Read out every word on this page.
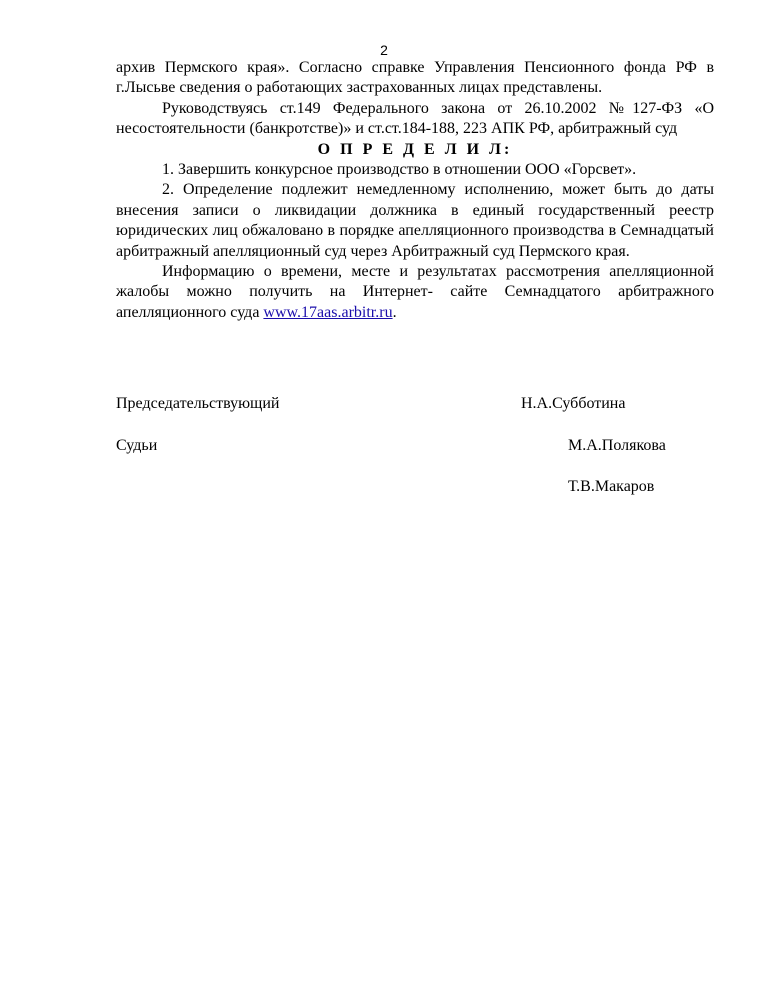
2

архив Пермского края». Согласно справке Управления Пенсионного фонда РФ в г.Лысьве сведения о работающих застрахованных лицах представлены.

Руководствуясь ст.149 Федерального закона от 26.10.2002 №127-ФЗ «О несостоятельности (банкротстве)» и ст.ст.184-188, 223 АПК РФ, арбитражный суд

О П Р Е Д Е Л И Л:

1. Завершить конкурсное производство в отношении ООО «Горсвет».

2. Определение подлежит немедленному исполнению, может быть до даты внесения записи о ликвидации должника в единый государственный реестр юридических лиц обжаловано в порядке апелляционного производства в Семнадцатый арбитражный апелляционный суд через Арбитражный суд Пермского края.

Информацию о времени, месте и результатах рассмотрения апелляционной жалобы можно получить на Интернет- сайте Семнадцатого арбитражного апелляционного суда www.17aas.arbitr.ru.

Председательствующий	Н.А.Субботина
Судьи	М.А.Полякова
Т.В.Макаров
